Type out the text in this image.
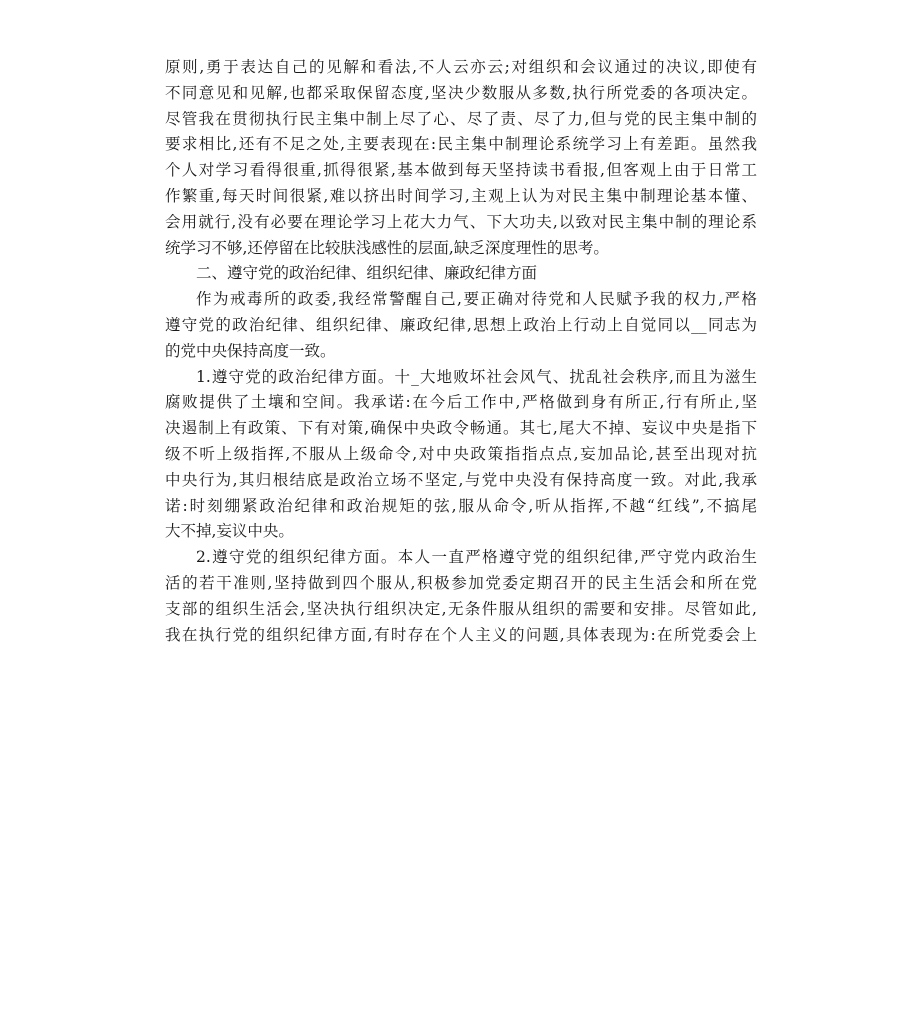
原则,勇于表达自己的见解和看法,不人云亦云;对组织和会议通过的决议,即使有
不同意见和见解,也都采取保留态度,坚决少数服从多数,执行所党委的各项决定。
尽管我在贯彻执行民主集中制上尽了心、尽了责、尽了力,但与党的民主集中制的
要求相比,还有不足之处,主要表现在:民主集中制理论系统学习上有差距。虽然我
个人对学习看得很重,抓得很紧,基本做到每天坚持读书看报,但客观上由于日常工
作繁重,每天时间很紧,难以挤出时间学习,主观上认为对民主集中制理论基本懂、
会用就行,没有必要在理论学习上花大力气、下大功夫,以致对民主集中制的理论系
统学习不够,还停留在比较肤浅感性的层面,缺乏深度理性的思考。
二、遵守党的政治纪律、组织纪律、廉政纪律方面
作为戒毒所的政委,我经常警醒自己,要正确对待党和人民赋予我的权力,严格
遵守党的政治纪律、组织纪律、廉政纪律,思想上政治上行动上自觉同以__同志为
的党中央保持高度一致。
1.遵守党的政治纪律方面。十_大地败坏社会风气、扰乱社会秩序,而且为滋生
腐败提供了土壤和空间。我承诺:在今后工作中,严格做到身有所正,行有所止,坚
决遏制上有政策、下有对策,确保中央政令畅通。其七,尾大不掉、妄议中央是指下
级不听上级指挥,不服从上级命令,对中央政策指指点点,妄加品论,甚至出现对抗
中央行为,其归根结底是政治立场不坚定,与党中央没有保持高度一致。对此,我承
诺:时刻绷紧政治纪律和政治规矩的弦,服从命令,听从指挥,不越“红线”,不搞尾
大不掉,妄议中央。
2.遵守党的组织纪律方面。本人一直严格遵守党的组织纪律,严守党内政治生
活的若干准则,坚持做到四个服从,积极参加党委定期召开的民主生活会和所在党
支部的组织生活会,坚决执行组织决定,无条件服从组织的需要和安排。尽管如此,
我在执行党的组织纪律方面,有时存在个人主义的问题,具体表现为:在所党委会上
